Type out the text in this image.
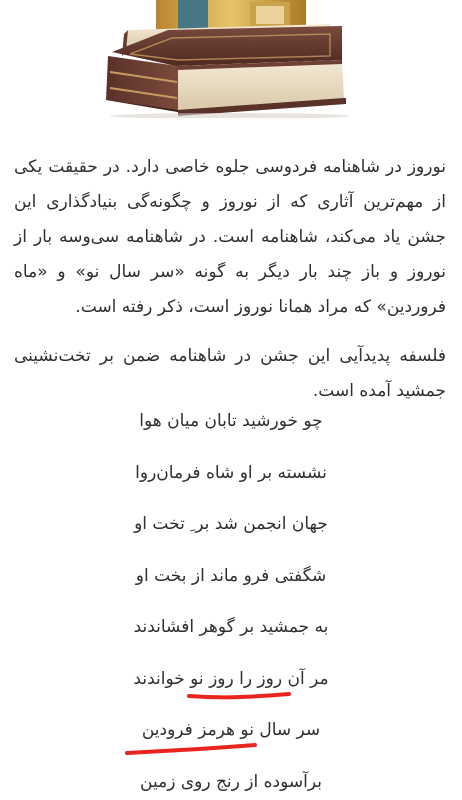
نوروز در شاهنامه فردوسی جلوه خاصی دارد. در حقیقت یکی از مهم‌ترین آثاری که از نوروز و چگونه‌گی بنیادگذاری این جشن یاد می‌کند، شاهنامه است. در شاهنامه سی‌وسه بار از نوروز و باز چند بار دیگر به گونه «سر سال نو» و «ماه فروردین» که مراد همانا نوروز است، ذکر رفته است.

فلسفه پدیدآیی این جشن در شاهنامه ضمن بر تخت‌نشینی جمشید آمده است.

چو خورشید تابان میان هوا
نشسته بر او شاه فرمان‌روا
جهان انجمن شد بر ِ تخت او
شگفتی فرو ماند از بخت او
به جمشید بر گوهر افشاندند
مر آن روز را روز نو خواندند
سر سال نو هرمز فرودین
برآسوده از رنج روی زمین
